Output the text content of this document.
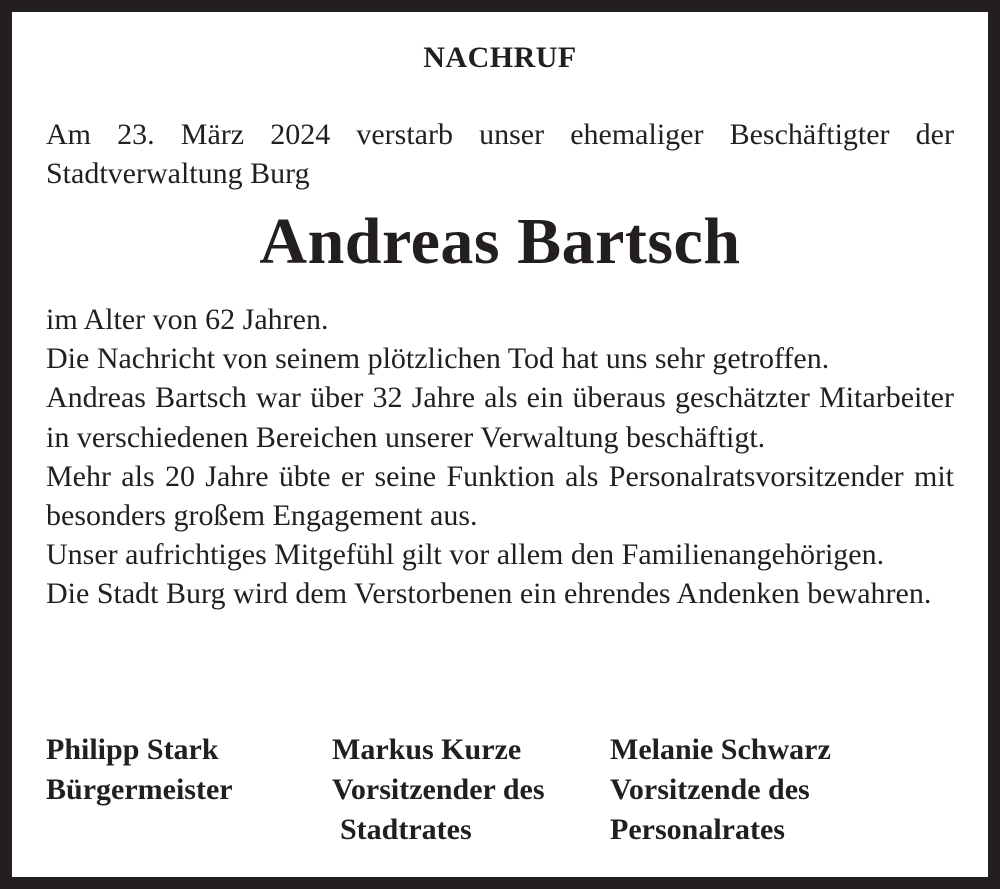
NACHRUF
Am 23. März 2024 verstarb unser ehemaliger Beschäftigter der Stadtverwaltung Burg
Andreas Bartsch

im Alter von 62 Jahren.

Die Nachricht von seinem plötzlichen Tod hat uns sehr getroffen.

Andreas Bartsch war über 32 Jahre als ein überaus geschätzter Mitarbeiter in verschiedenen Bereichen unserer Verwaltung beschäftigt.

Mehr als 20 Jahre übte er seine Funktion als Personalratsvorsitzender mit besonders großem Engagement aus.

Unser aufrichtiges Mitgefühl gilt vor allem den Familienangehörigen.

Die Stadt Burg wird dem Verstorbenen ein ehrendes Andenken bewahren.

Philipp Stark
Bürgermeister
Markus Kurze
Vorsitzender des
Stadtrates
Melanie Schwarz
Vorsitzende des
Personalrates
